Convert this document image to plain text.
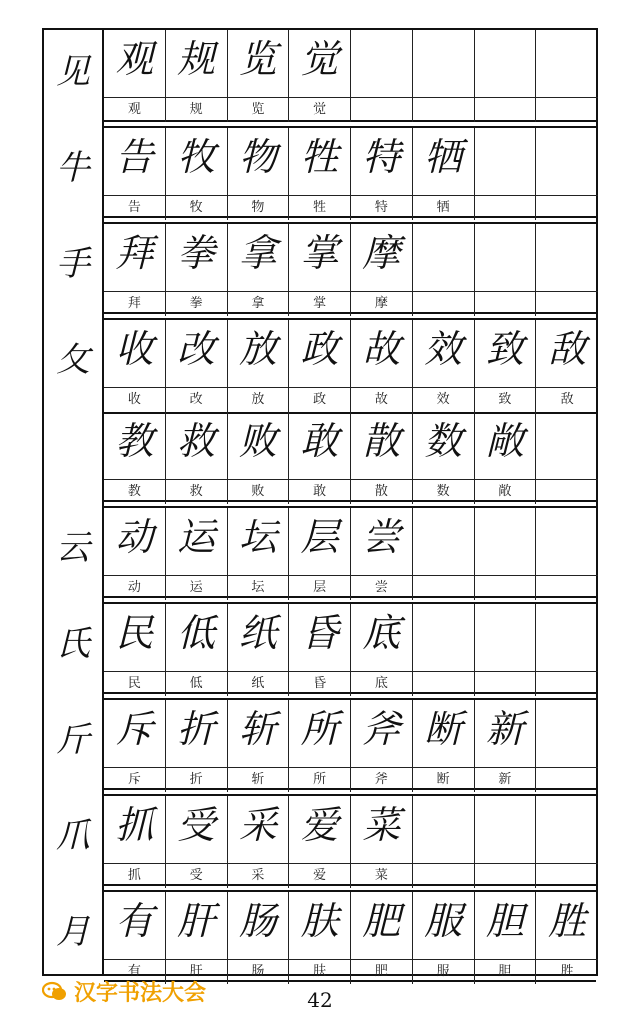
见
牛
手
攵
云
氏
斤
爪
月
观
观
规
规
览
览
觉
觉
告
告
牧
牧
物
物
牲
牲
特
特
牺
牺
拜
拜
拳
拳
拿
拿
掌
掌
摩
摩
收
收
改
改
放
放
政
政
故
故
效
效
致
致
敌
敌
教
教
救
救
败
败
敢
敢
散
散
数
数
敞
敞
动
动
运
运
坛
坛
层
层
尝
尝
民
民
低
低
纸
纸
昏
昏
底
底
斥
斥
折
折
斩
斩
所
所
斧
斧
断
断
新
新
抓
抓
受
受
采
采
爱
爱
菜
菜
有
有
肝
肝
肠
肠
肤
肤
肥
肥
服
服
胆
胆
胜
胜
汉字书法大会	42
